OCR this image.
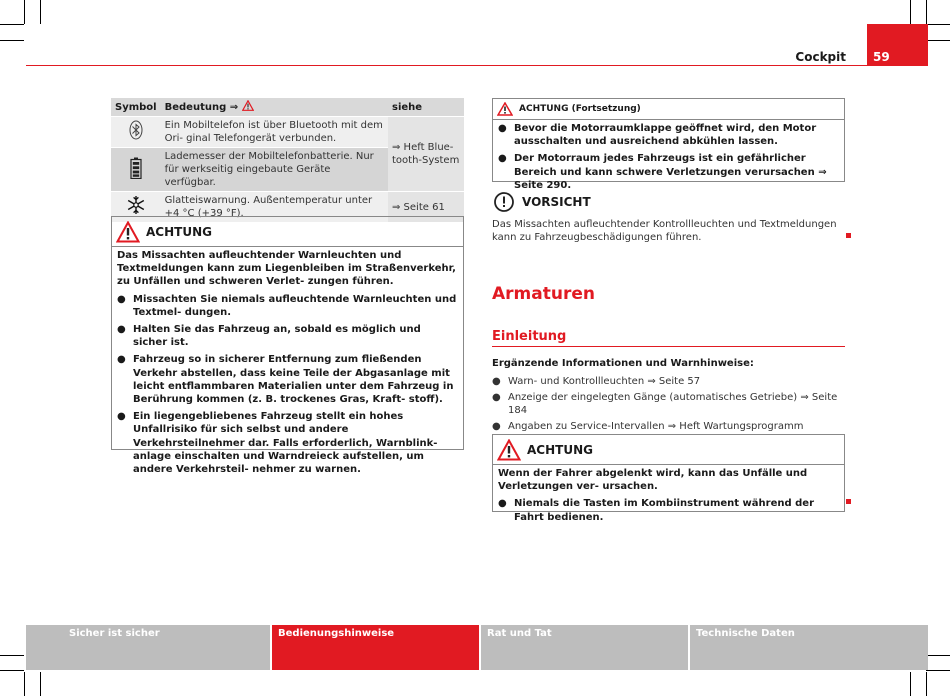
Cockpit	59
Symbol	Bedeutung ⇒	siehe
	Ein Mobiltelefon ist über Bluetooth mit dem Ori- ginal Telefongerät verbunden.	⇒ Heft Blue- tooth-System
	Lademesser der Mobiltelefonbatterie. Nur für werkseitig eingebaute Geräte verfügbar.	
	Glatteiswarnung. Außentemperatur unter +4 °C (+39 °F).	⇒ Seite 61
ACHTUNG

Das Missachten aufleuchtender Warnleuchten und Textmeldungen kann zum Liegenbleiben im Straßenverkehr, zu Unfällen und schweren Verlet- zungen führen.

● Missachten Sie niemals aufleuchtende Warnleuchten und Textmel- dungen.

● Halten Sie das Fahrzeug an, sobald es möglich und sicher ist.

● Fahrzeug so in sicherer Entfernung zum fließenden Verkehr abstellen, dass keine Teile der Abgasanlage mit leicht entflammbaren Materialien unter dem Fahrzeug in Berührung kommen (z. B. trockenes Gras, Kraft- stoff).

● Ein liegengebliebenes Fahrzeug stellt ein hohes Unfallrisiko für sich selbst und andere Verkehrsteilnehmer dar. Falls erforderlich, Warnblink- anlage einschalten und Warndreieck aufstellen, um andere Verkehrsteil- nehmer zu warnen.

ACHTUNG (Fortsetzung)

● Bevor die Motorraumklappe geöffnet wird, den Motor ausschalten und ausreichend abkühlen lassen.

● Der Motorraum jedes Fahrzeugs ist ein gefährlicher Bereich und kann schwere Verletzungen verursachen ⇒ Seite 290.

VORSICHT
Das Missachten aufleuchtender Kontrollleuchten und Textmeldungen kann zu Fahrzeugbeschädigungen führen.
Armaturen
Einleitung
Ergänzende Informationen und Warnhinweise:
● Warn- und Kontrollleuchten ⇒ Seite 57
● Anzeige der eingelegten Gänge (automatisches Getriebe) ⇒ Seite 184
● Angaben zu Service-Intervallen ⇒ Heft Wartungsprogramm
ACHTUNG

Wenn der Fahrer abgelenkt wird, kann das Unfälle und Verletzungen ver- ursachen.

● Niemals die Tasten im Kombiinstrument während der Fahrt bedienen.

Sicher ist sicher	Bedienungshinweise	Rat und Tat	Technische Daten
